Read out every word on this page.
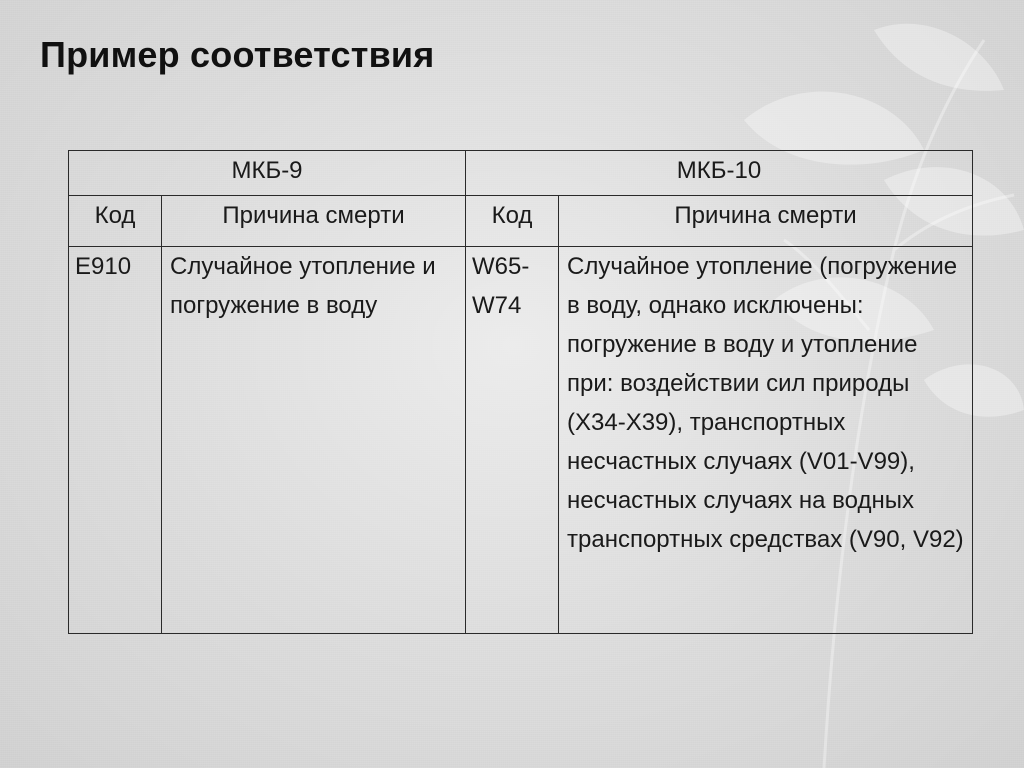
Пример соответствия
МКБ-9		МКБ-10	
Код	Причина смерти	Код	Причина смерти
E910	Случайное утопление и погружение в воду	W65-W74	Случайное утопление (погружение в воду, однако исключены: погружение в воду и утопление при: воздействии сил природы (X34-X39), транспортных несчастных случаях (V01-V99), несчастных случаях на водных транспортных средствах (V90, V92)
